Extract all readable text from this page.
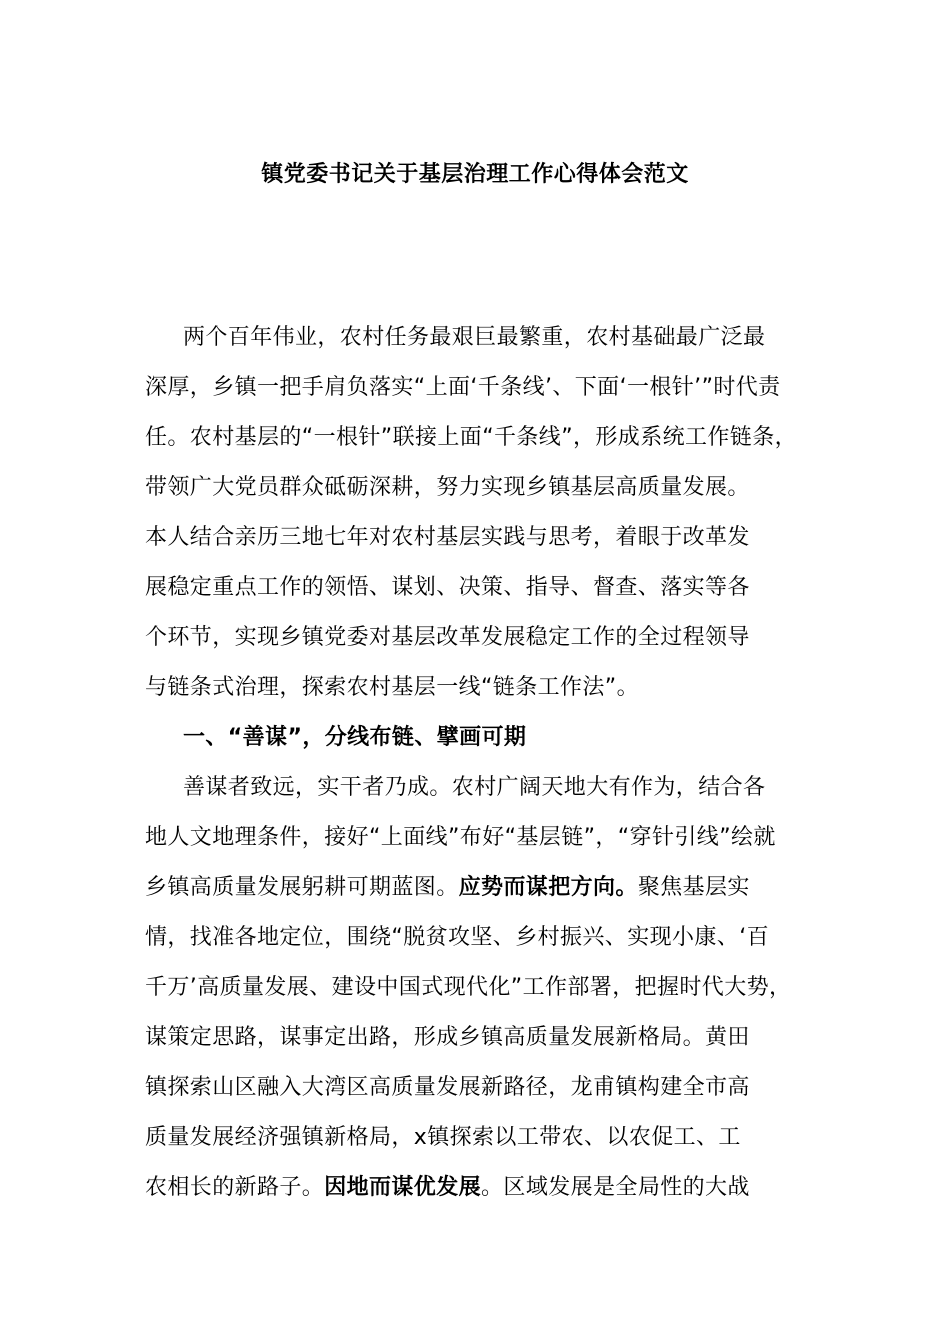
镇党委书记关于基层治理工作心得体会范文
两个百年伟业，农村任务最艰巨最繁重，农村基础最广泛最
深厚，乡镇一把手肩负落实“上面‘千条线’、下面‘一根针’”时代责
任。农村基层的“一根针”联接上面“千条线”，形成系统工作链条，
带领广大党员群众砥砺深耕，努力实现乡镇基层高质量发展。
本人结合亲历三地七年对农村基层实践与思考，着眼于改革发
展稳定重点工作的领悟、谋划、决策、指导、督查、落实等各
个环节，实现乡镇党委对基层改革发展稳定工作的全过程领导
与链条式治理，探索农村基层一线“链条工作法”。
一、“善谋”，分线布链、擘画可期
善谋者致远，实干者乃成。农村广阔天地大有作为，结合各
地人文地理条件，接好“上面线”布好“基层链”，“穿针引线”绘就
乡镇高质量发展躬耕可期蓝图。应势而谋把方向。聚焦基层实
情，找准各地定位，围绕“脱贫攻坚、乡村振兴、实现小康、‘百
千万’高质量发展、建设中国式现代化”工作部署，把握时代大势，
谋策定思路，谋事定出路，形成乡镇高质量发展新格局。黄田
镇探索山区融入大湾区高质量发展新路径，龙甫镇构建全市高
质量发展经济强镇新格局，x镇探索以工带农、以农促工、工
农相长的新路子。因地而谋优发展。区域发展是全局性的大战
